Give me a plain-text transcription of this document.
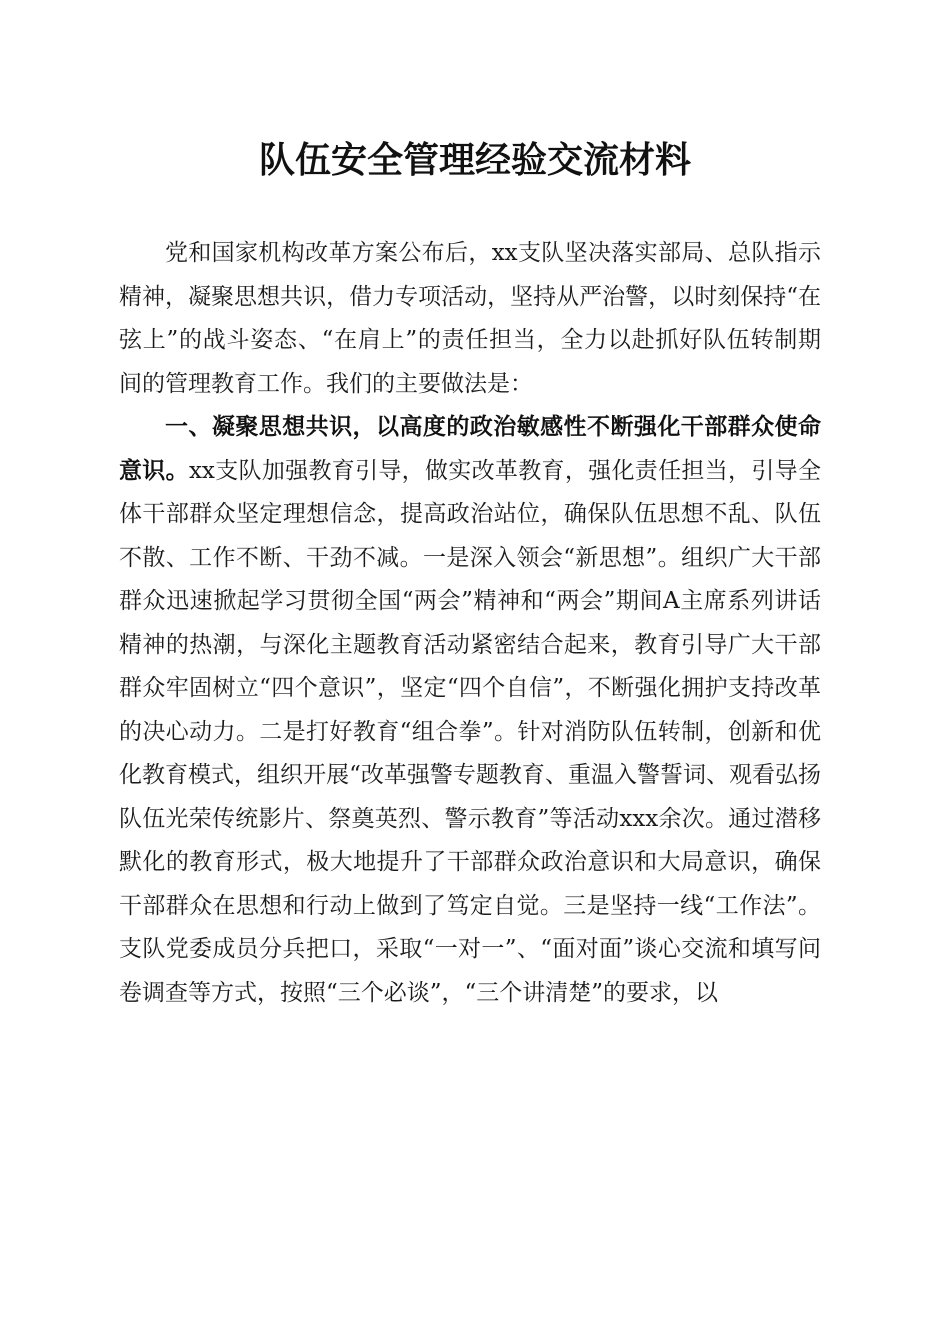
队伍安全管理经验交流材料

党和国家机构改革方案公布后，xx支队坚决落实部局、总队指示精神，凝聚思想共识，借力专项活动，坚持从严治警，以时刻保持“在弦上”的战斗姿态、“在肩上”的责任担当，全力以赴抓好队伍转制期间的管理教育工作。我们的主要做法是：

一、凝聚思想共识，以高度的政治敏感性不断强化干部群众使命意识。xx支队加强教育引导，做实改革教育，强化责任担当，引导全体干部群众坚定理想信念，提高政治站位，确保队伍思想不乱、队伍不散、工作不断、干劲不减。一是深入领会“新思想”。组织广大干部群众迅速掀起学习贯彻全国“两会”精神和“两会”期间A主席系列讲话精神的热潮，与深化主题教育活动紧密结合起来，教育引导广大干部群众牢固树立“四个意识”，坚定“四个自信”，不断强化拥护支持改革的决心动力。二是打好教育“组合拳”。针对消防队伍转制，创新和优化教育模式，组织开展“改革强警专题教育、重温入警誓词、观看弘扬队伍光荣传统影片、祭奠英烈、警示教育”等活动xxx余次。通过潜移默化的教育形式，极大地提升了干部群众政治意识和大局意识，确保干部群众在思想和行动上做到了笃定自觉。三是坚持一线“工作法”。支队党委成员分兵把口，采取“一对一”、“面对面”谈心交流和填写问卷调查等方式，按照“三个必谈”，“三个讲清楚”的要求，以
